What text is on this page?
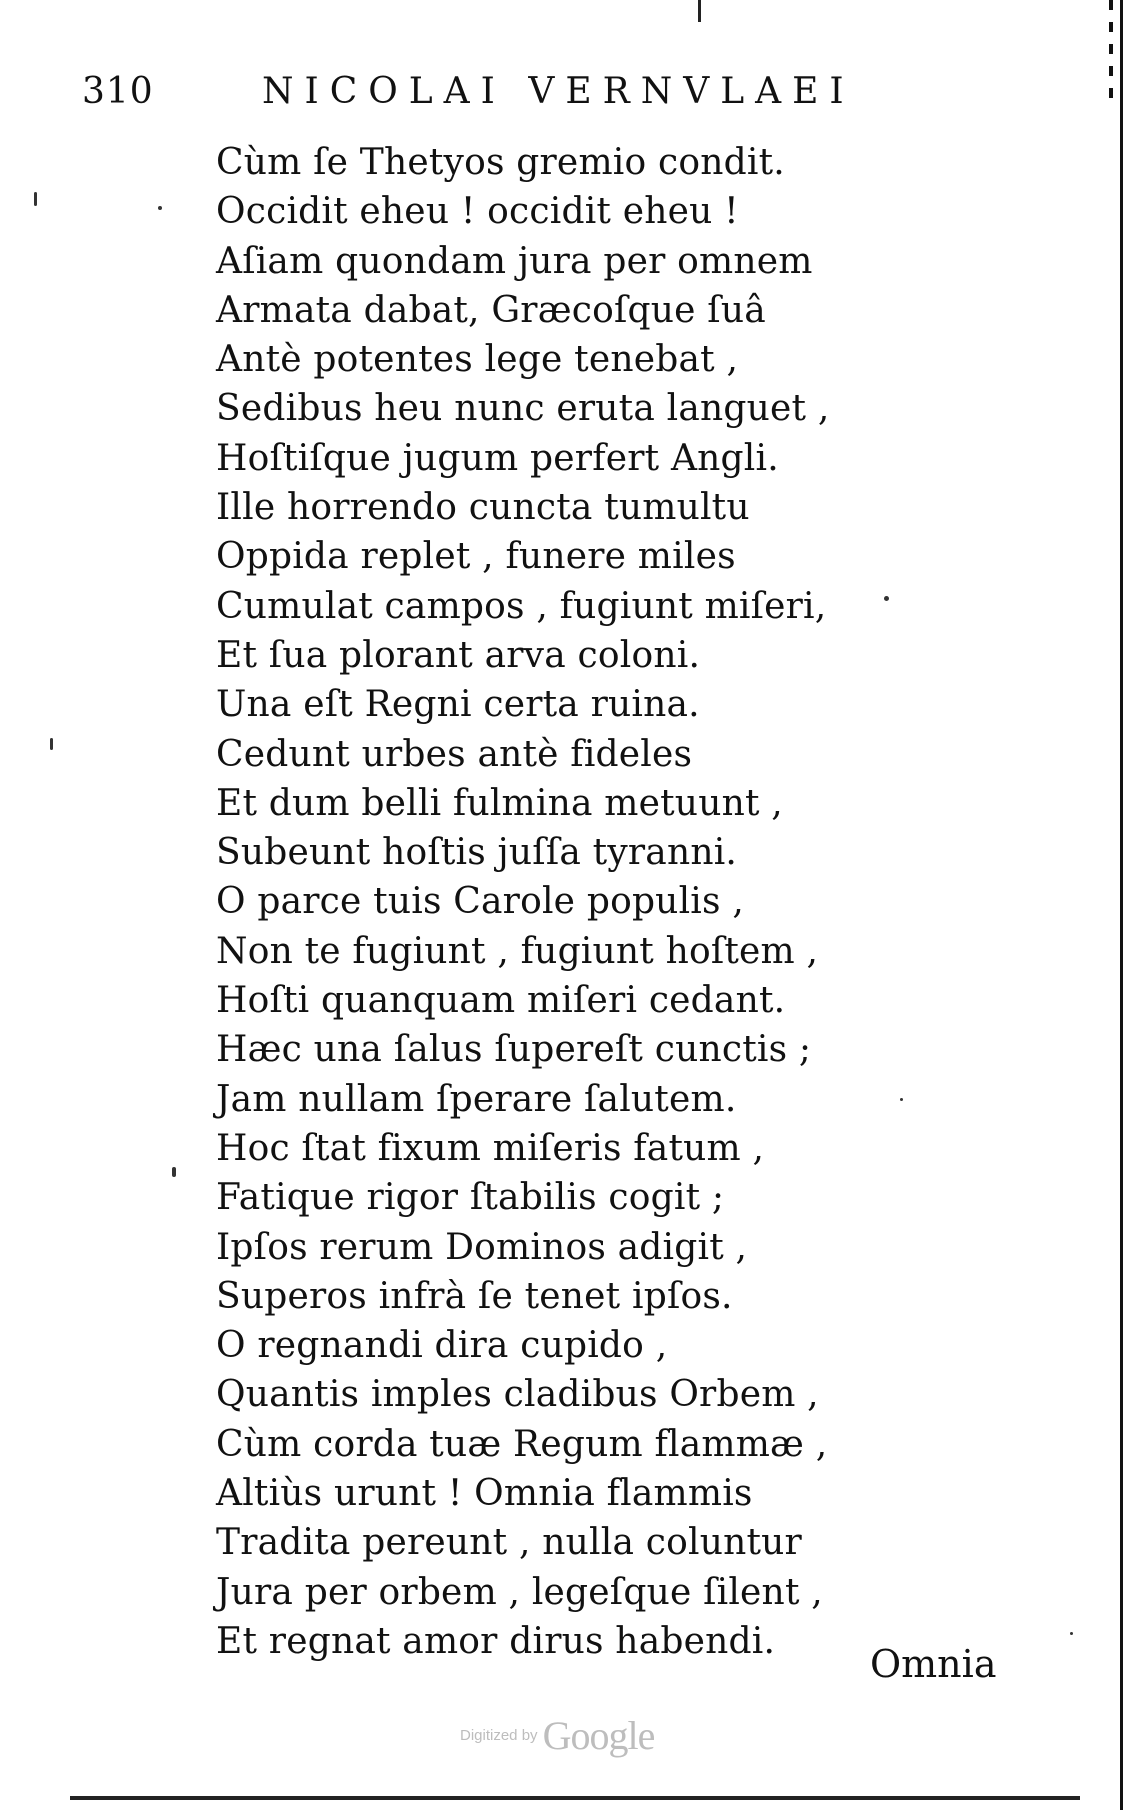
310	NICOLAI VERNVLAEI
Cùm ſe Thetyos gremio condit.
Occidit eheu ! occidit eheu !
Aſiam quondam jura per omnem
Armata dabat, Græcoſque ſuâ
Antè potentes lege tenebat ,
Sedibus heu nunc eruta languet ,
Hoſtiſque jugum perfert Angli.
Ille horrendo cuncta tumultu
Oppida replet , funere miles
Cumulat campos , fugiunt miſeri,
Et ſua plorant arva coloni.
Una eſt Regni certa ruina.
Cedunt urbes antè fideles
Et dum belli fulmina metuunt ,
Subeunt hoſtis juſſa tyranni.
O parce tuis Carole populis ,
Non te fugiunt , fugiunt hoſtem ,
Hoſti quanquam miſeri cedant.
Hæc una ſalus ſupereſt cunctis ;
Jam nullam ſperare ſalutem.
Hoc ſtat fixum miſeris fatum ,
Fatique rigor ſtabilis cogit ;
Ipſos rerum Dominos adigit ,
Superos infrà ſe tenet ipſos.
O regnandi dira cupido ,
Quantis imples cladibus Orbem ,
Cùm corda tuæ Regum flammæ ,
Altiùs urunt ! Omnia flammis
Tradita pereunt , nulla coluntur
Jura per orbem , legeſque ſilent ,
Et regnat amor dirus habendi.
Omnia
Digitized by Google
